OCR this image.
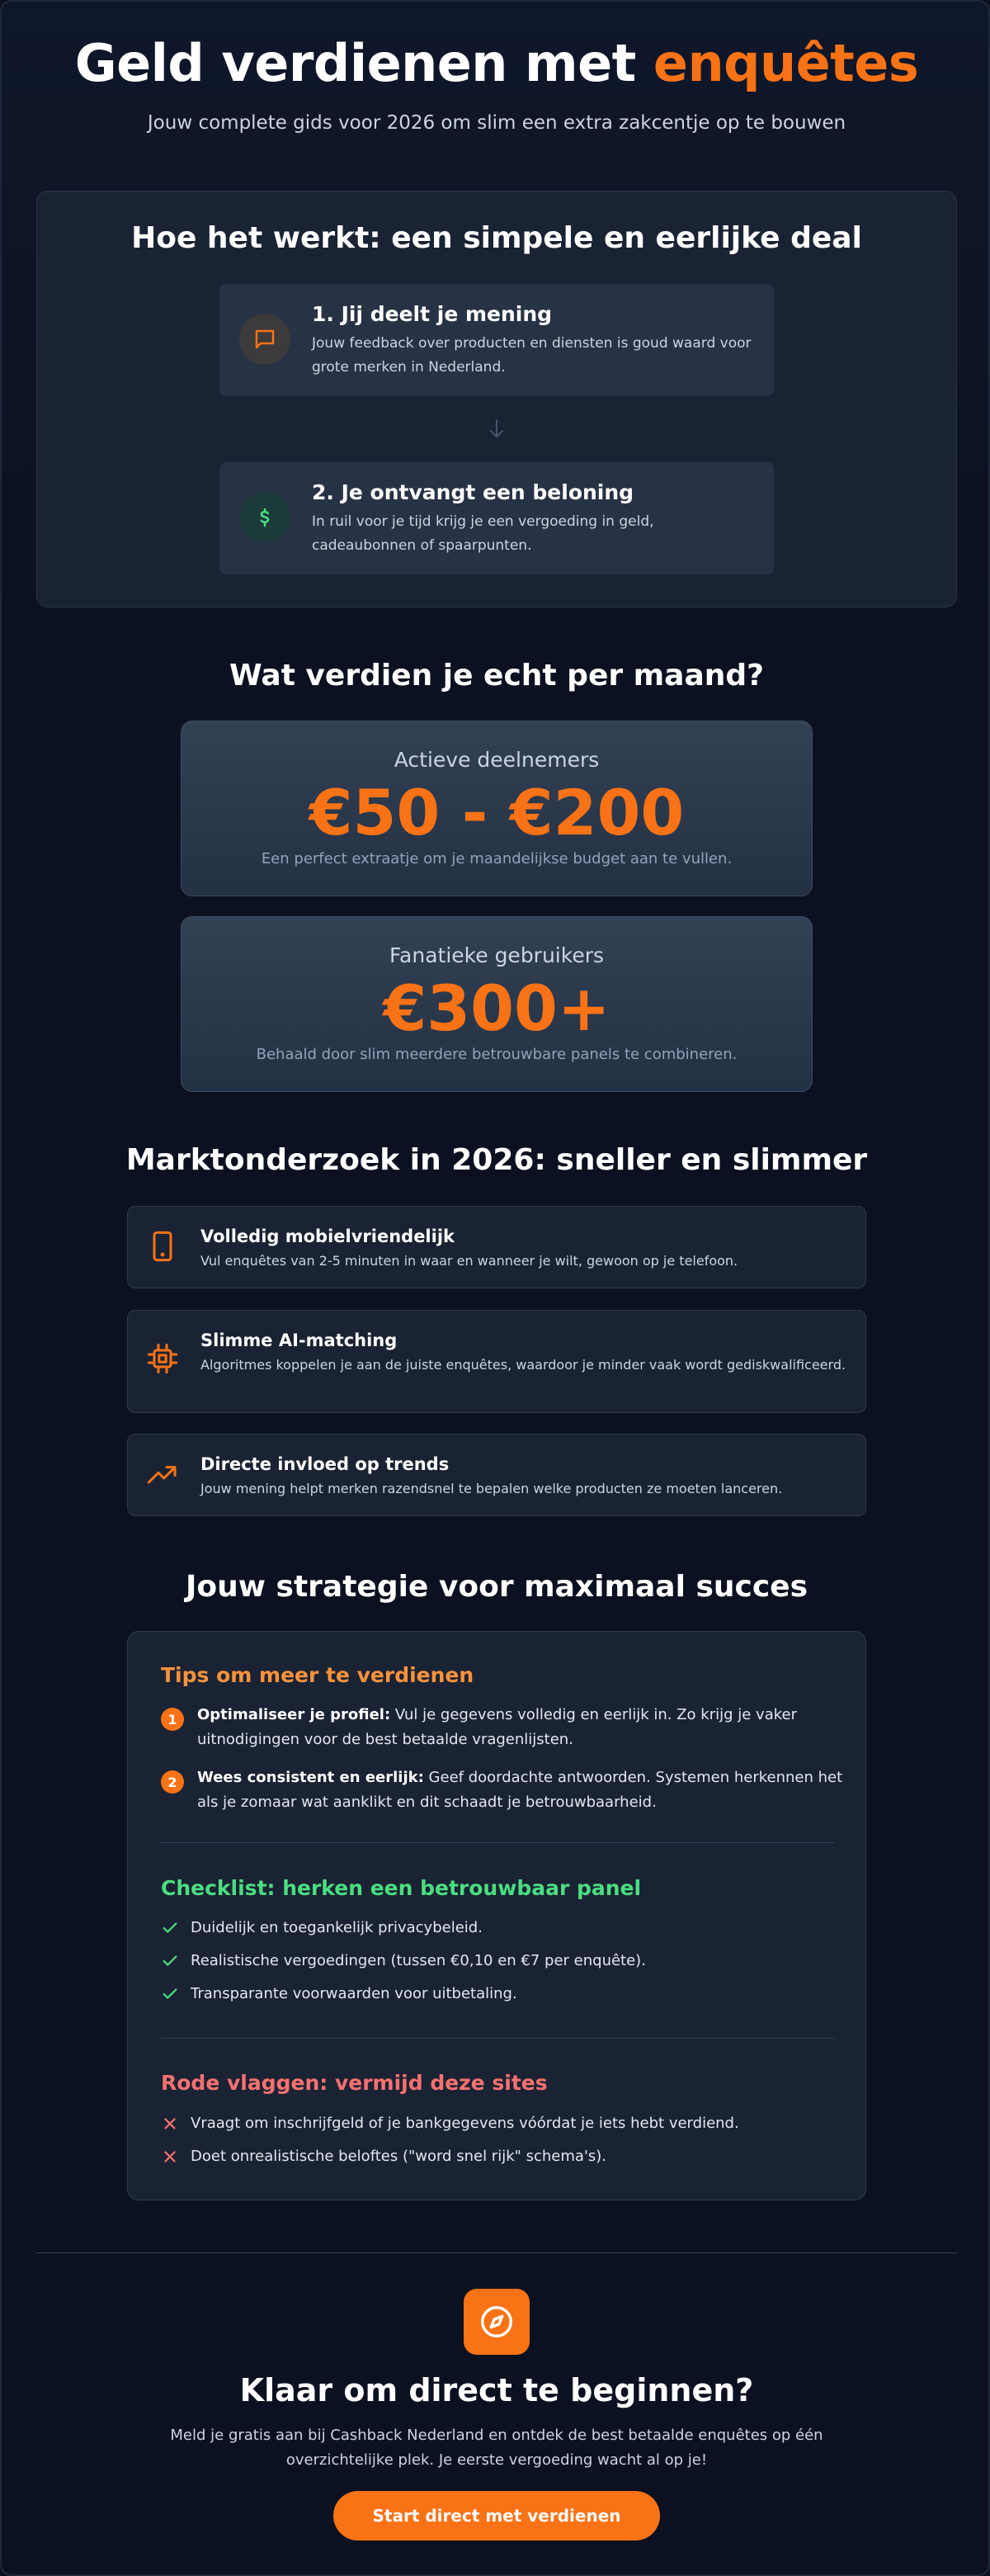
Geld verdienen met enquêtes

Jouw complete gids voor 2026 om slim een extra zakcentje op te bouwen

Hoe het werkt: een simpele en eerlijke deal
1. Jij deelt je mening
Jouw feedback over producten en diensten is goud waard voor grote merken in Nederland.
2. Je ontvangt een beloning
In ruil voor je tijd krijg je een vergoeding in geld, cadeaubonnen of spaarpunten.
Wat verdien je echt per maand?
Actieve deelnemers
€50 - €200
Een perfect extraatje om je maandelijkse budget aan te vullen.
Fanatieke gebruikers
€300+
Behaald door slim meerdere betrouwbare panels te combineren.
Marktonderzoek in 2026: sneller en slimmer
Volledig mobielvriendelijk
Vul enquêtes van 2-5 minuten in waar en wanneer je wilt, gewoon op je telefoon.
Slimme AI-matching
Algoritmes koppelen je aan de juiste enquêtes, waardoor je minder vaak wordt gediskwalificeerd.
Directe invloed op trends
Jouw mening helpt merken razendsnel te bepalen welke producten ze moeten lanceren.
Jouw strategie voor maximaal succes
Tips om meer te verdienen
1	Optimaliseer je profiel: Vul je gegevens volledig en eerlijk in. Zo krijg je vaker uitnodigingen voor de best betaalde vragenlijsten.

2	Wees consistent en eerlijk: Geef doordachte antwoorden. Systemen herkennen het als je zomaar wat aanklikt en dit schaadt je betrouwbaarheid.

Checklist: herken een betrouwbaar panel

Duidelijk en toegankelijk privacybeleid.

Realistische vergoedingen (tussen €0,10 en €7 per enquête).

Transparante voorwaarden voor uitbetaling.

Rode vlaggen: vermijd deze sites

Vraagt om inschrijfgeld of je bankgegevens vóórdat je iets hebt verdiend.

Doet onrealistische beloftes ("word snel rijk" schema's).

Klaar om direct te beginnen?

Meld je gratis aan bij Cashback Nederland en ontdek de best betaalde enquêtes op één overzichtelijke plek. Je eerste vergoeding wacht al op je!

Start direct met verdienen
